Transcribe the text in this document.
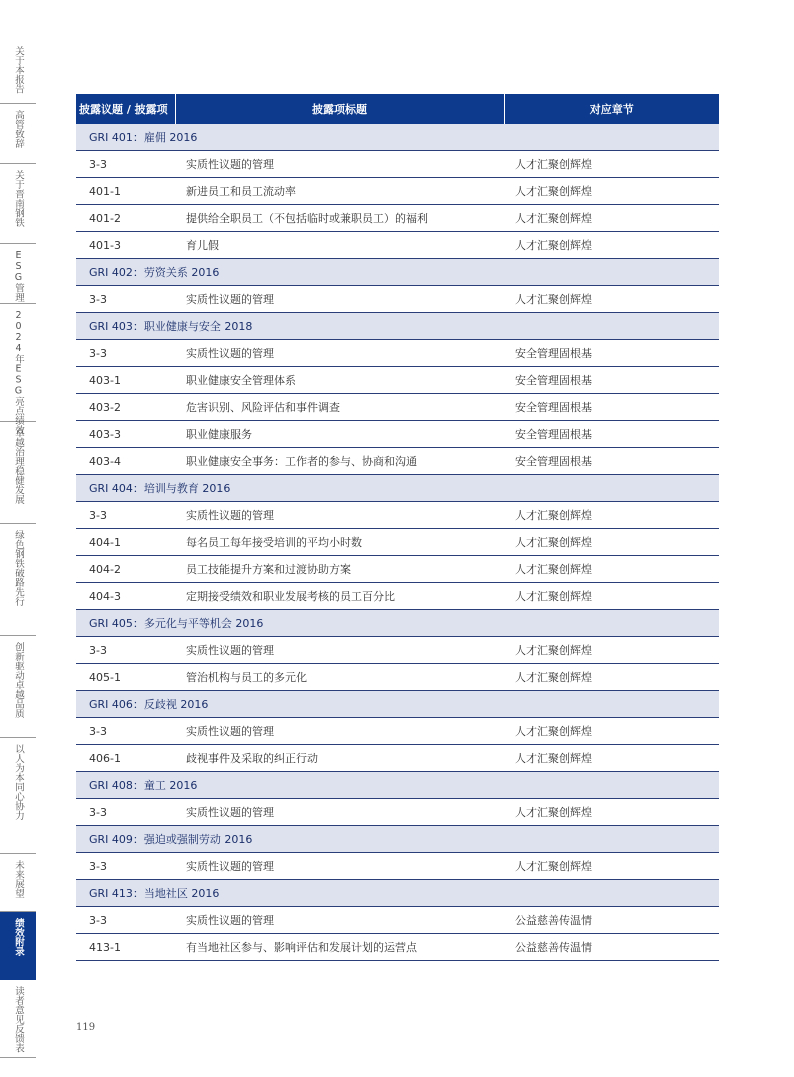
关于本报告
高管致辞
关于晋南钢铁
ESG管理
2024年ESG亮点绩效
卓越治理稳健发展
绿色钢铁破路先行
创新驱动卓越品质
以人为本同心协力
未来展望
绩效附录
读者意见反馈表
披露议题 / 披露项	披露项标题	对应章节
GRI 401：雇佣 2016		
3-3	实质性议题的管理	人才汇聚创辉煌
401-1	新进员工和员工流动率	人才汇聚创辉煌
401-2	提供给全职员工（不包括临时或兼职员工）的福利	人才汇聚创辉煌
401-3	育儿假	人才汇聚创辉煌
GRI 402：劳资关系 2016		
3-3	实质性议题的管理	人才汇聚创辉煌
GRI 403：职业健康与安全 2018		
3-3	实质性议题的管理	安全管理固根基
403-1	职业健康安全管理体系	安全管理固根基
403-2	危害识别、风险评估和事件调查	安全管理固根基
403-3	职业健康服务	安全管理固根基
403-4	职业健康安全事务：工作者的参与、协商和沟通	安全管理固根基
GRI 404：培训与教育 2016		
3-3	实质性议题的管理	人才汇聚创辉煌
404-1	每名员工每年接受培训的平均小时数	人才汇聚创辉煌
404-2	员工技能提升方案和过渡协助方案	人才汇聚创辉煌
404-3	定期接受绩效和职业发展考核的员工百分比	人才汇聚创辉煌
GRI 405：多元化与平等机会 2016		
3-3	实质性议题的管理	人才汇聚创辉煌
405-1	管治机构与员工的多元化	人才汇聚创辉煌
GRI 406：反歧视 2016		
3-3	实质性议题的管理	人才汇聚创辉煌
406-1	歧视事件及采取的纠正行动	人才汇聚创辉煌
GRI 408：童工 2016		
3-3	实质性议题的管理	人才汇聚创辉煌
GRI 409：强迫或强制劳动 2016		
3-3	实质性议题的管理	人才汇聚创辉煌
GRI 413：当地社区 2016		
3-3	实质性议题的管理	公益慈善传温情
413-1	有当地社区参与、影响评估和发展计划的运营点	公益慈善传温情
119
